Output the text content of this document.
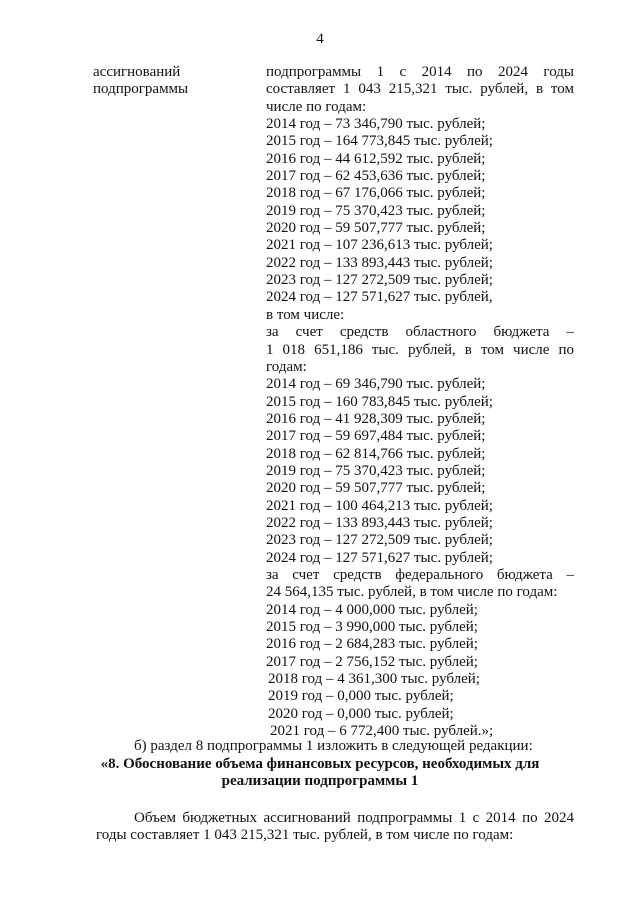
4
ассигнований
подпрограммы
подпрограммы 1 с 2014 по 2024 годы
составляет 1 043 215,321 тыс. рублей, в том
числе по годам:
2014 год – 73 346,790 тыс. рублей;
2015 год – 164 773,845 тыс. рублей;
2016 год – 44 612,592 тыс. рублей;
2017 год – 62 453,636 тыс. рублей;
2018 год – 67 176,066 тыс. рублей;
2019 год – 75 370,423 тыс. рублей;
2020 год – 59 507,777 тыс. рублей;
2021 год – 107 236,613 тыс. рублей;
2022 год – 133 893,443 тыс. рублей;
2023 год – 127 272,509 тыс. рублей;
2024 год – 127 571,627 тыс. рублей,
в том числе:
за счет средств областного бюджета –
1 018 651,186 тыс. рублей, в том числе по
годам:
2014 год – 69 346,790 тыс. рублей;
2015 год – 160 783,845 тыс. рублей;
2016 год – 41 928,309 тыс. рублей;
2017 год – 59 697,484 тыс. рублей;
2018 год – 62 814,766 тыс. рублей;
2019 год – 75 370,423 тыс. рублей;
2020 год – 59 507,777 тыс. рублей;
2021 год – 100 464,213 тыс. рублей;
2022 год – 133 893,443 тыс. рублей;
2023 год – 127 272,509 тыс. рублей;
2024 год – 127 571,627 тыс. рублей;
за счет средств федерального бюджета –
24 564,135 тыс. рублей, в том числе по годам:
2014 год – 4 000,000 тыс. рублей;
2015 год – 3 990,000 тыс. рублей;
2016 год – 2 684,283 тыс. рублей;
2017 год – 2 756,152 тыс. рублей;
2018 год – 4 361,300 тыс. рублей;
2019 год – 0,000 тыс. рублей;
2020 год – 0,000 тыс. рублей;
2021 год – 6 772,400 тыс. рублей.»;
б) раздел 8 подпрограммы 1 изложить в следующей редакции:
«8. Обоснование объема финансовых ресурсов, необходимых для
реализации подпрограммы 1
Объем бюджетных ассигнований подпрограммы 1 с 2014 по 2024
годы составляет 1 043 215,321 тыс. рублей, в том числе по годам:
